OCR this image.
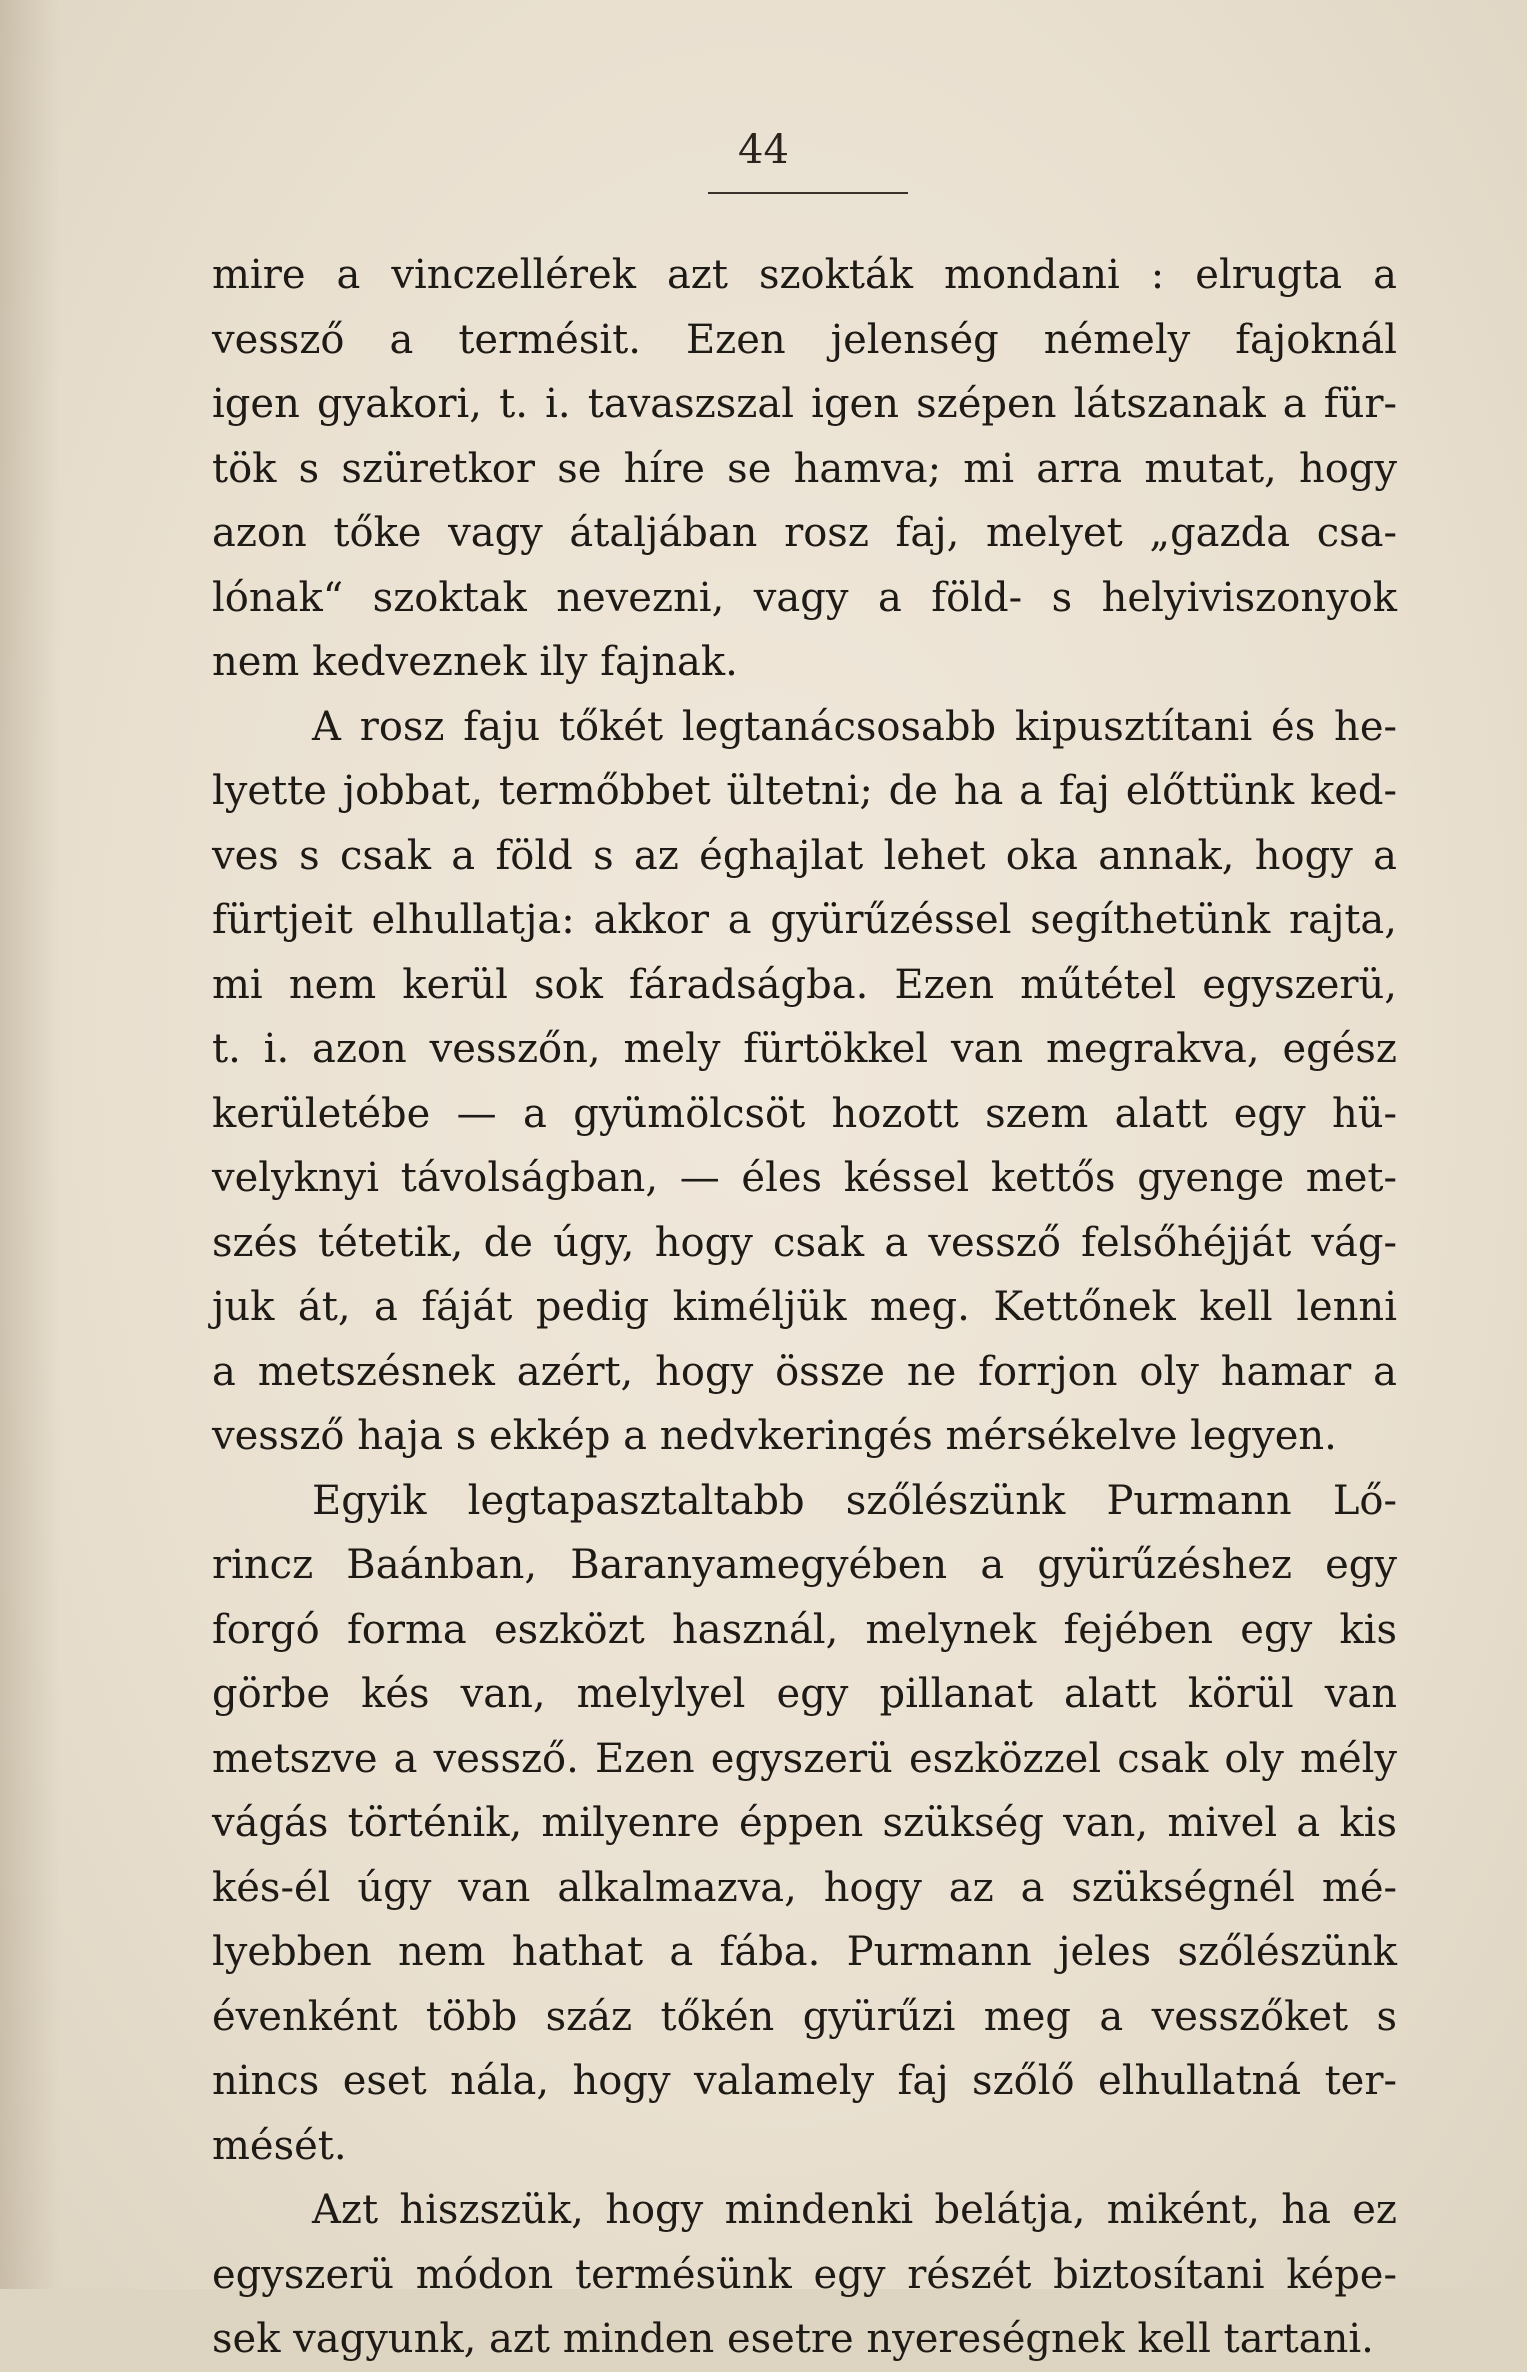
44
mire a vinczellérek azt szokták mondani : elrugta a
vessző a termésit. Ezen jelenség némely fajoknál
igen gyakori, t. i. tavaszszal igen szépen látszanak a für-
tök s szüretkor se híre se hamva; mi arra mutat, hogy
azon tőke vagy átaljában rosz faj, melyet „gazda csa-
lónak“ szoktak nevezni, vagy a föld- s helyiviszonyok
nem kedveznek ily fajnak.
A rosz faju tőkét legtanácsosabb kipusztítani és he-
lyette jobbat, termőbbet ültetni; de ha a faj előttünk ked-
ves s csak a föld s az éghajlat lehet oka annak, hogy a
fürtjeit elhullatja: akkor a gyürűzéssel segíthetünk rajta,
mi nem kerül sok fáradságba. Ezen műtétel egyszerü,
t. i. azon vesszőn, mely fürtökkel van megrakva, egész
kerületébe — a gyümölcsöt hozott szem alatt egy hü-
velyknyi távolságban, — éles késsel kettős gyenge met-
szés tétetik, de úgy, hogy csak a vessző felsőhéjját vág-
juk át, a fáját pedig kiméljük meg. Kettőnek kell lenni
a metszésnek azért, hogy össze ne forrjon oly hamar a
vessző haja s ekkép a nedvkeringés mérsékelve legyen.
Egyik legtapasztaltabb szőlészünk Purmann Lő-
rincz Baánban, Baranyamegyében a gyürűzéshez egy
forgó forma eszközt használ, melynek fejében egy kis
görbe kés van, melylyel egy pillanat alatt körül van
metszve a vessző. Ezen egyszerü eszközzel csak oly mély
vágás történik, milyenre éppen szükség van, mivel a kis
kés-él úgy van alkalmazva, hogy az a szükségnél mé-
lyebben nem hathat a fába. Purmann jeles szőlészünk
évenként több száz tőkén gyürűzi meg a vesszőket s
nincs eset nála, hogy valamely faj szőlő elhullatná ter-
mését.
Azt hiszszük, hogy mindenki belátja, miként, ha ez
egyszerü módon termésünk egy részét biztosítani képe-
sek vagyunk, azt minden esetre nyereségnek kell tartani.
